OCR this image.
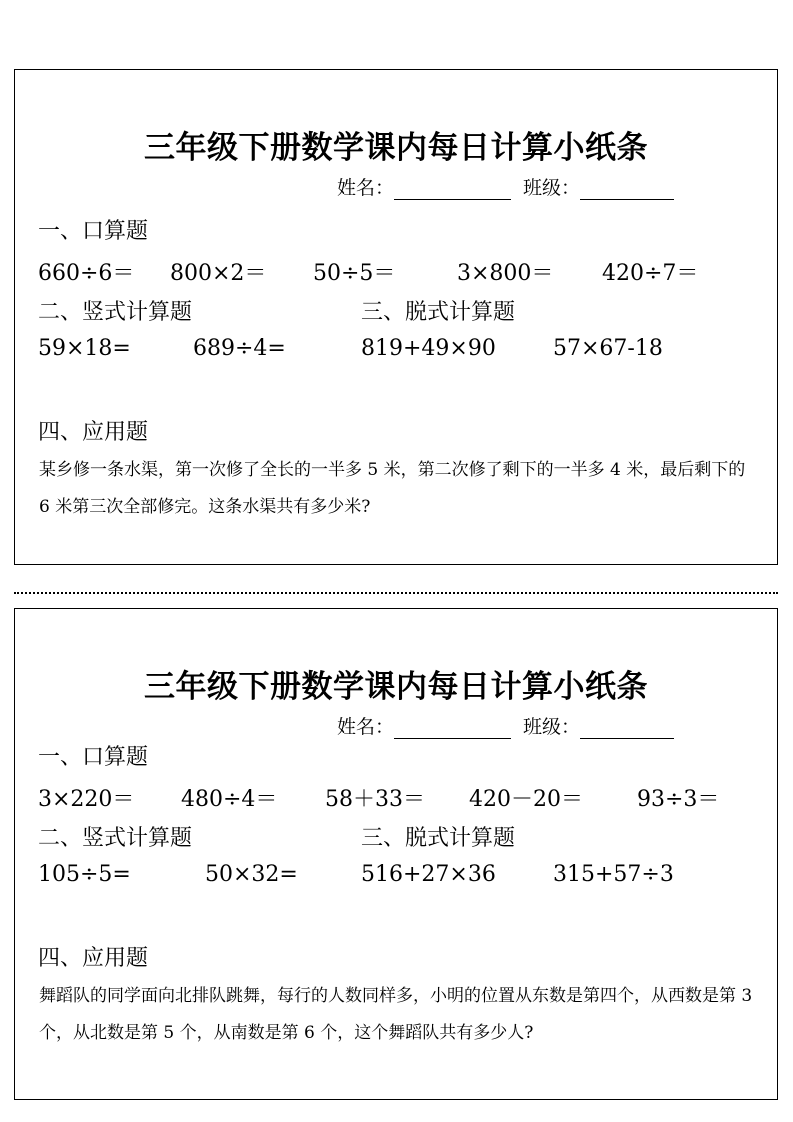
三年级下册数学课内每日计算小纸条
姓名：	班级：
一、口算题
660÷6＝ 800×2＝ 50÷5＝	3×800＝ 420÷7＝
二、竖式计算题	三、脱式计算题
59×18=	689÷4=	819+49×90	57×67-18
四、应用题
某乡修一条水渠，第一次修了全长的一半多 5 米，第二次修了剩下的一半多 4 米，最后剩下的 6 米第三次全部修完。这条水渠共有多少米?
三年级下册数学课内每日计算小纸条
姓名：	班级：
一、口算题
3×220＝ 480÷4＝ 58＋33＝ 420－20＝ 93÷3＝
二、竖式计算题	三、脱式计算题
105÷5=	50×32=	516+27×36	315+57÷3
四、应用题
舞蹈队的同学面向北排队跳舞，每行的人数同样多，小明的位置从东数是第四个，从西数是第 3 个，从北数是第 5 个，从南数是第 6 个，这个舞蹈队共有多少人?
